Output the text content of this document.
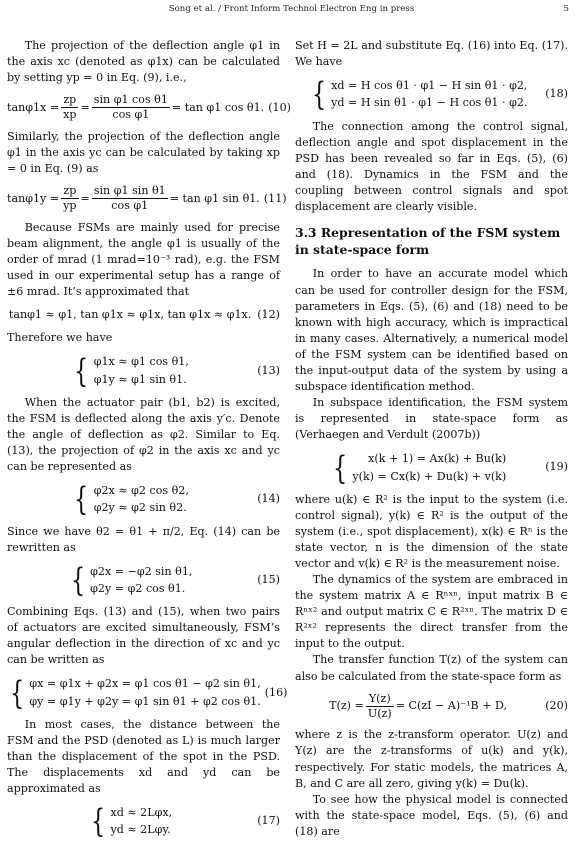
Song et al. / Front Inform Technol Electron Eng in press	5

The projection of the deflection angle φ1 in the axis xc (denoted as φ1x) can be calculated by setting yp = 0 in Eq. (9), i.e.,

$\tan\varphi 1x = \frac{zp}{xp} = \frac{\text{sin φ1 cos θ1}}{\text{cos φ1}} = \tan \varphi 1$ cos θ1. (10)

Similarly, the projection of the deflection angle φ1 in the axis yc can be calculated by taking xp = 0 in Eq. (9) as

$\tan\varphi 1y = \frac{zp}{yp} = \frac{\text{sin φ1 sin θ1}}{\text{cos φ1}} = \tan \varphi 1$ sin θ1. (11)

Because FSMs are mainly used for precise beam alignment, the angle φ1 is usually of the order of mrad (1 mrad=10⁻³ rad), e.g. the FSM used in our experimental setup has a range of ±6 mrad. It’s approximated that

tanφ1 ≈ φ1, tan φ1x ≈ φ1x, tan φ1x ≈ φ1x. (12)

Therefore we have

{ φ1x ≈ φ1 cos θ1,
φ1y ≈ φ1 sin θ1.
(13)

When the actuator pair (b1, b2) is excited, the FSM is deflected along the axis y′c. Denote the angle of deflection as φ2. Similar to Eq. (13), the projection of φ2 in the axis xc and yc can be represented as

{ φ2x ≈ φ2 cos θ2,
φ2y ≈ φ2 sin θ2.
(14)

Since we have θ2 = θ1 + π/2, Eq. (14) can be rewritten as

{ φ2x = −φ2 sin θ1,
φ2y = φ2 cos θ1.
(15)

Combining Eqs. (13) and (15), when two pairs of actuators are excited simultaneously, FSM’s angular deflection in the direction of xc and yc can be written as

{ φx = φ1x + φ2x = φ1 cos θ1 − φ2 sin θ1,
φy = φ1y + φ2y = φ1 sin θ1 + φ2 cos θ1.
(16)

In most cases, the distance between the FSM and the PSD (denoted as L) is much larger than the displacement of the spot in the PSD. The displacements xd and yd can be approximated as

{ xd ≈ 2Lφx,
yd ≈ 2Lφy.
(17)

Set H = 2L and substitute Eq. (16) into Eq. (17). We have

{ xd = H cos θ1 · φ1 − H sin θ1 · φ2,
yd = H sin θ1 · φ1 − H cos θ1 · φ2.
(18)

The connection among the control signal, deflection angle and spot displacement in the PSD has been revealed so far in Eqs. (5), (6) and (18). Dynamics in the FSM and the coupling between control signals and spot displacement are clearly visible.

3.3 Representation of the FSM system in state-space form

In order to have an accurate model which can be used for controller design for the FSM, parameters in Eqs. (5), (6) and (18) need to be known with high accuracy, which is impractical in many cases. Alternatively, a numerical model of the FSM system can be identified based on the input-output data of the system by using a subspace identification method.

In subspace identification, the FSM system is represented in state-space form as (Verhaegen and Verdult (2007b))

{	x(k + 1) = Ax(k) + Bu(k)
y(k) = Cx(k) + Du(k) + v(k)
(19)

where u(k) ∈ R² is the input to the system (i.e. control signal), y(k) ∈ R² is the output of the system (i.e., spot displacement), x(k) ∈ Rⁿ is the state vector, n is the dimension of the state vector and v(k) ∈ R² is the measurement noise.

The dynamics of the system are embraced in the system matrix A ∈ Rⁿˣⁿ, input matrix B ∈ Rⁿˣ² and output matrix C ∈ R²ˣⁿ. The matrix D ∈ R²ˣ² represents the direct transfer from the input to the output.

The transfer function T(z) of the system can also be calculated from the state-space form as

$T(z) = \frac{Y(z)}{U(z)} = C(zI - A)^{-1}B + D$,	(20)

where z is the z-transform operator. U(z) and Y(z) are the z-transforms of u(k) and y(k), respectively. For static models, the matrices A, B, and C are all zero, giving y(k) = Du(k).

To see how the physical model is connected with the state-space model, Eqs. (5), (6) and (18) are
